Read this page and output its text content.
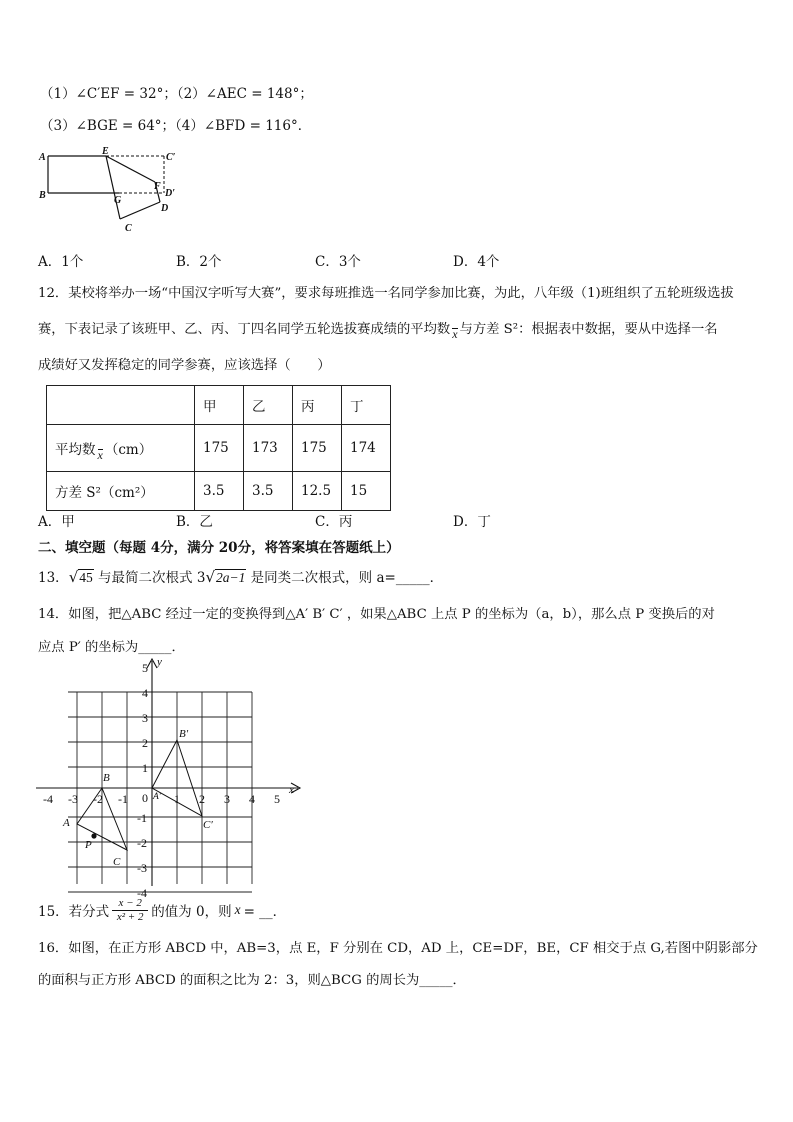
（1）∠C′EF = 32°；（2）∠AEC = 148°；
（3）∠BGE = 64°；（4）∠BFD = 116°．
A
B
E
C′
F
D′
G
D
C
A．1个	B．2个	C．3个	D．4个
12．某校将举办一场“中国汉字听写大赛”，要求每班推选一名同学参加比赛，为此，八年级（1)班组织了五轮班级选拔
赛，下表记录了该班甲、乙、丙、丁四名同学五轮选拔赛成绩的平均数 x 与方差 S²：根据表中数据，要从中选择一名
成绩好又发挥稳定的同学参赛，应该选择（　　）
	甲	乙	丙	丁
平均数 x （cm）	175	173	175	174
方差 S²（cm²）	3.5	3.5	12.5	15
A．甲	B．乙	C．丙	D．丁
二、填空题（每题 4分，满分 20分，将答案填在答题纸上）
13．√45 与最简二次根式 3√2a−1 是同类二次根式，则 a=_____．
14．如图，把△ABC 经过一定的变换得到△A′ B′ C′ ，如果△ABC 上点 P 的坐标为（a，b），那么点 P 变换后的对
应点 P′ 的坐标为_____．
-4 -3 -2 -1	1 2 3 4 5
5
4
3
2
1
-1
-2
-3
-4
0
x
y
A
B
C
P
A′
B′
C′
15．若分式
x − 2
x² + 2 的值为 0，则 x = __．
16．如图，在正方形 ABCD 中，AB=3，点 E，F 分别在 CD，AD 上，CE=DF，BE，CF 相交于点 G,若图中阴影部分
的面积与正方形 ABCD 的面积之比为 2：3，则△BCG 的周长为_____．
